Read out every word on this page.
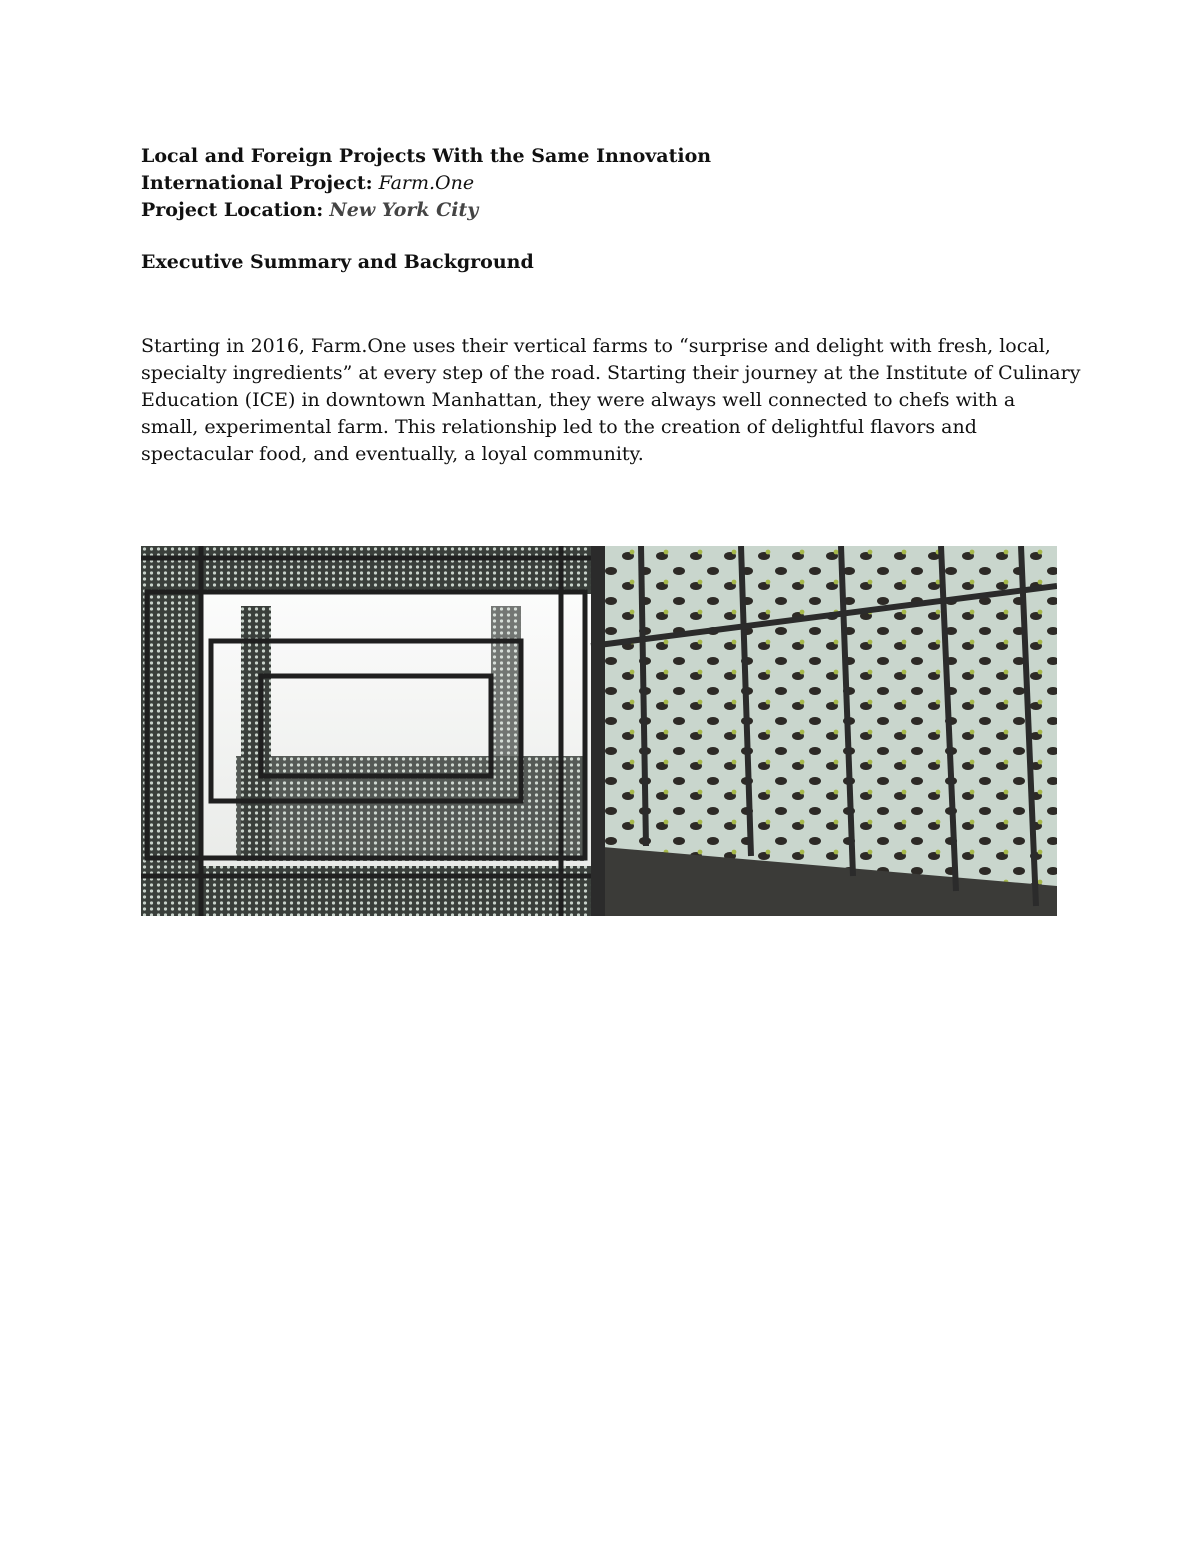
Local and Foreign Projects With the Same Innovation
International Project: Farm.One
Project Location: New York City
Executive Summary and Background

Starting in 2016, Farm.One uses their vertical farms to “surprise and delight with fresh, local,

specialty ingredients” at every step of the road. Starting their journey at the Institute of Culinary

Education (ICE) in downtown Manhattan, they were always well connected to chefs with a

small, experimental farm. This relationship led to the creation of delightful flavors and

spectacular food, and eventually, a loyal community.
